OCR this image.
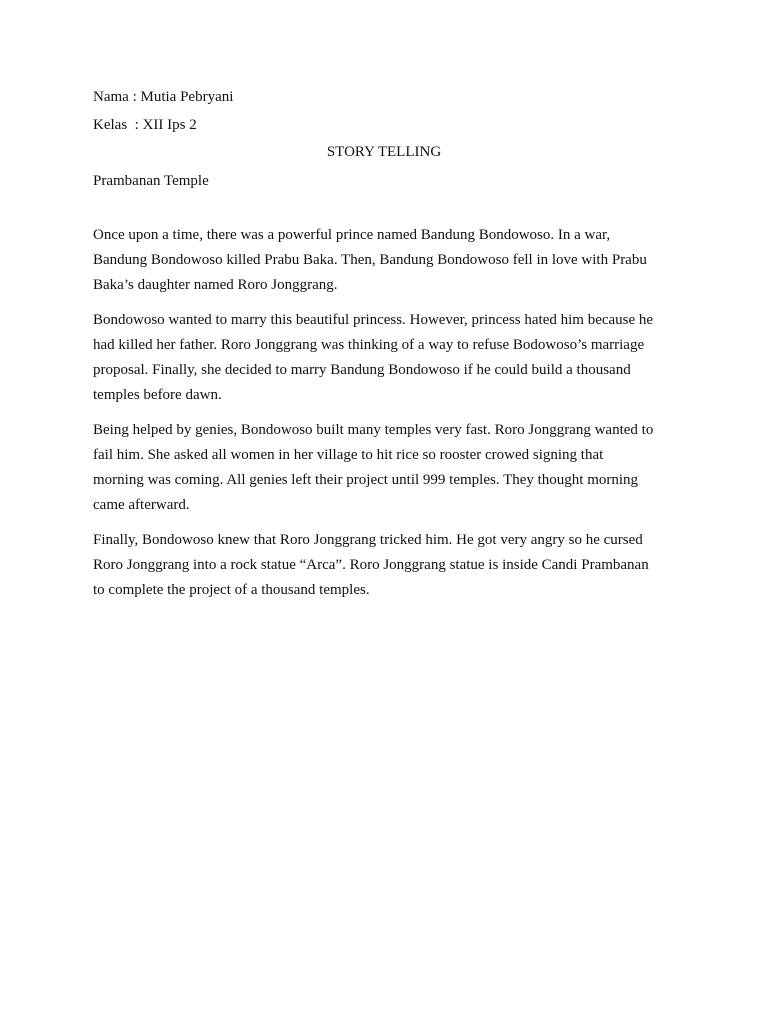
Nama : Mutia Pebryani
Kelas  : XII Ips 2
STORY TELLING
Prambanan Temple

Once upon a time, there was a powerful prince named Bandung Bondowoso. In a war,
Bandung Bondowoso killed Prabu Baka. Then, Bandung Bondowoso fell in love with Prabu
Baka’s daughter named Roro Jonggrang.

Bondowoso wanted to marry this beautiful princess. However, princess hated him because he
had killed her father. Roro Jonggrang was thinking of a way to refuse Bodowoso’s marriage
proposal. Finally, she decided to marry Bandung Bondowoso if he could build a thousand
temples before dawn.

Being helped by genies, Bondowoso built many temples very fast. Roro Jonggrang wanted to
fail him. She asked all women in her village to hit rice so rooster crowed signing that
morning was coming. All genies left their project until 999 temples. They thought morning
came afterward.

Finally, Bondowoso knew that Roro Jonggrang tricked him. He got very angry so he cursed
Roro Jonggrang into a rock statue “Arca”. Roro Jonggrang statue is inside Candi Prambanan
to complete the project of a thousand temples.
